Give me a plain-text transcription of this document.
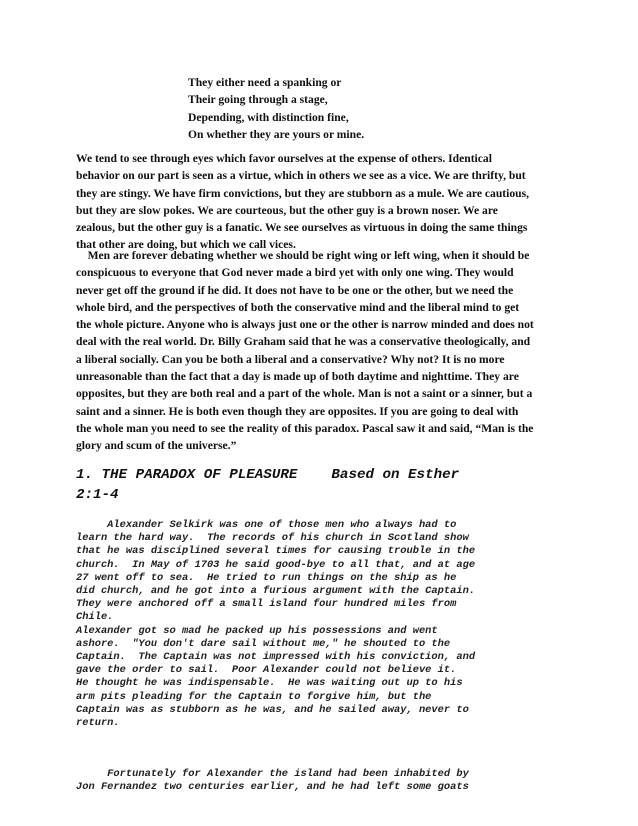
They either need a spanking or
Their going through a stage,
Depending, with distinction fine,
On whether they are yours or mine.
We tend to see through eyes which favor ourselves at the expense of others. Identical
behavior on our part is seen as a virtue, which in others we see as a vice. We are thrifty, but
they are stingy. We have firm convictions, but they are stubborn as a mule. We are cautious,
but they are slow pokes. We are courteous, but the other guy is a brown noser. We are
zealous, but the other guy is a fanatic. We see ourselves as virtuous in doing the same things
that other are doing, but which we call vices.
Men are forever debating whether we should be right wing or left wing, when it should be
conspicuous to everyone that God never made a bird yet with only one wing. They would
never get off the ground if he did. It does not have to be one or the other, but we need the
whole bird, and the perspectives of both the conservative mind and the liberal mind to get
the whole picture. Anyone who is always just one or the other is narrow minded and does not
deal with the real world. Dr. Billy Graham said that he was a conservative theologically, and
a liberal socially. Can you be both a liberal and a conservative? Why not? It is no more
unreasonable than the fact that a day is made up of both daytime and nighttime. They are
opposites, but they are both real and a part of the whole. Man is not a saint or a sinner, but a
saint and a sinner. He is both even though they are opposites. If you are going to deal with
the whole man you need to see the reality of this paradox. Pascal saw it and said, “Man is the
glory and scum of the universe.”
1. THE PARADOX OF PLEASURE    Based on Esther
2:1-4
Alexander Selkirk was one of those men who always had to
learn the hard way.  The records of his church in Scotland show
that he was disciplined several times for causing trouble in the
church.  In May of 1703 he said good-bye to all that, and at age
27 went off to sea.  He tried to run things on the ship as he
did church, and he got into a furious argument with the Captain.
They were anchored off a small island four hundred miles from
Chile.
Alexander got so mad he packed up his possessions and went
ashore.  "You don't dare sail without me," he shouted to the
Captain.  The Captain was not impressed with his conviction, and
gave the order to sail.  Poor Alexander could not believe it.
He thought he was indispensable.  He was waiting out up to his
arm pits pleading for the Captain to forgive him, but the
Captain was as stubborn as he was, and he sailed away, never to
return.
Fortunately for Alexander the island had been inhabited by
Jon Fernandez two centuries earlier, and he had left some goats
